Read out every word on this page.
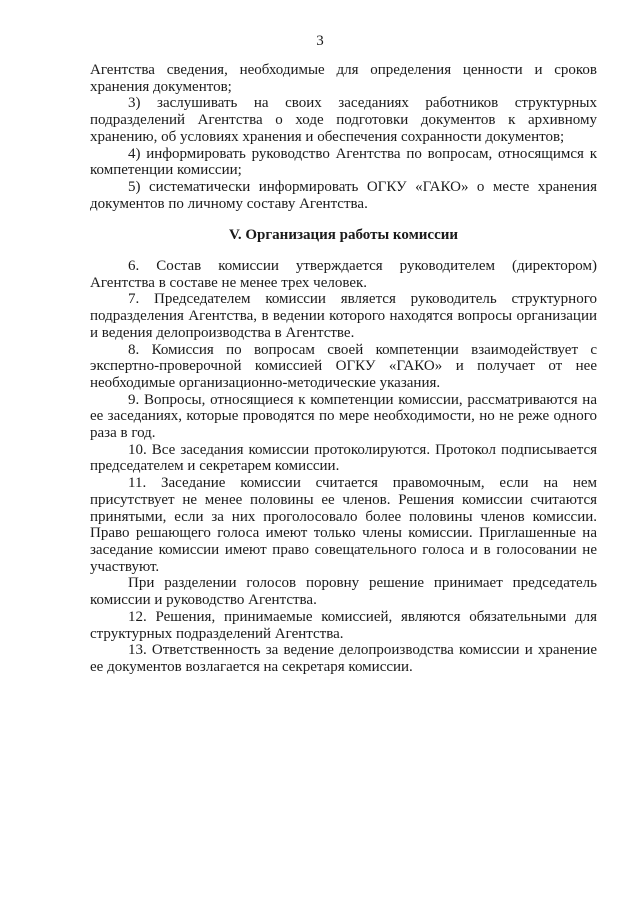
3

Агентства сведения, необходимые для определения ценности и сроков хранения документов;

3) заслушивать на своих заседаниях работников структурных подразделений Агентства о ходе подготовки документов к архивному хранению, об условиях хранения и обеспечения сохранности документов;

4) информировать руководство Агентства по вопросам, относящимся к компетенции комиссии;

5) систематически информировать ОГКУ «ГАКО» о месте хранения документов по личному составу Агентства.

V. Организация работы комиссии

6. Состав комиссии утверждается руководителем (директором) Агентства в составе не менее трех человек.

7. Председателем комиссии является руководитель структурного подразделения Агентства, в ведении которого находятся вопросы организации и ведения делопроизводства в Агентстве.

8. Комиссия по вопросам своей компетенции взаимодействует с экспертно-проверочной комиссией ОГКУ «ГАКО» и получает от нее необходимые организационно-методические указания.

9. Вопросы, относящиеся к компетенции комиссии, рассматриваются на ее заседаниях, которые проводятся по мере необходимости, но не реже одного раза в год.

10. Все заседания комиссии протоколируются. Протокол подписывается председателем и секретарем комиссии.

11. Заседание комиссии считается правомочным, если на нем присутствует не менее половины ее членов. Решения комиссии считаются принятыми, если за них проголосовало более половины членов комиссии. Право решающего голоса имеют только члены комиссии. Приглашенные на заседание комиссии имеют право совещательного голоса и в голосовании не участвуют.

При разделении голосов поровну решение принимает председатель комиссии и руководство Агентства.

12. Решения, принимаемые комиссией, являются обязательными для структурных подразделений Агентства.

13. Ответственность за ведение делопроизводства комиссии и хранение ее документов возлагается на секретаря комиссии.
